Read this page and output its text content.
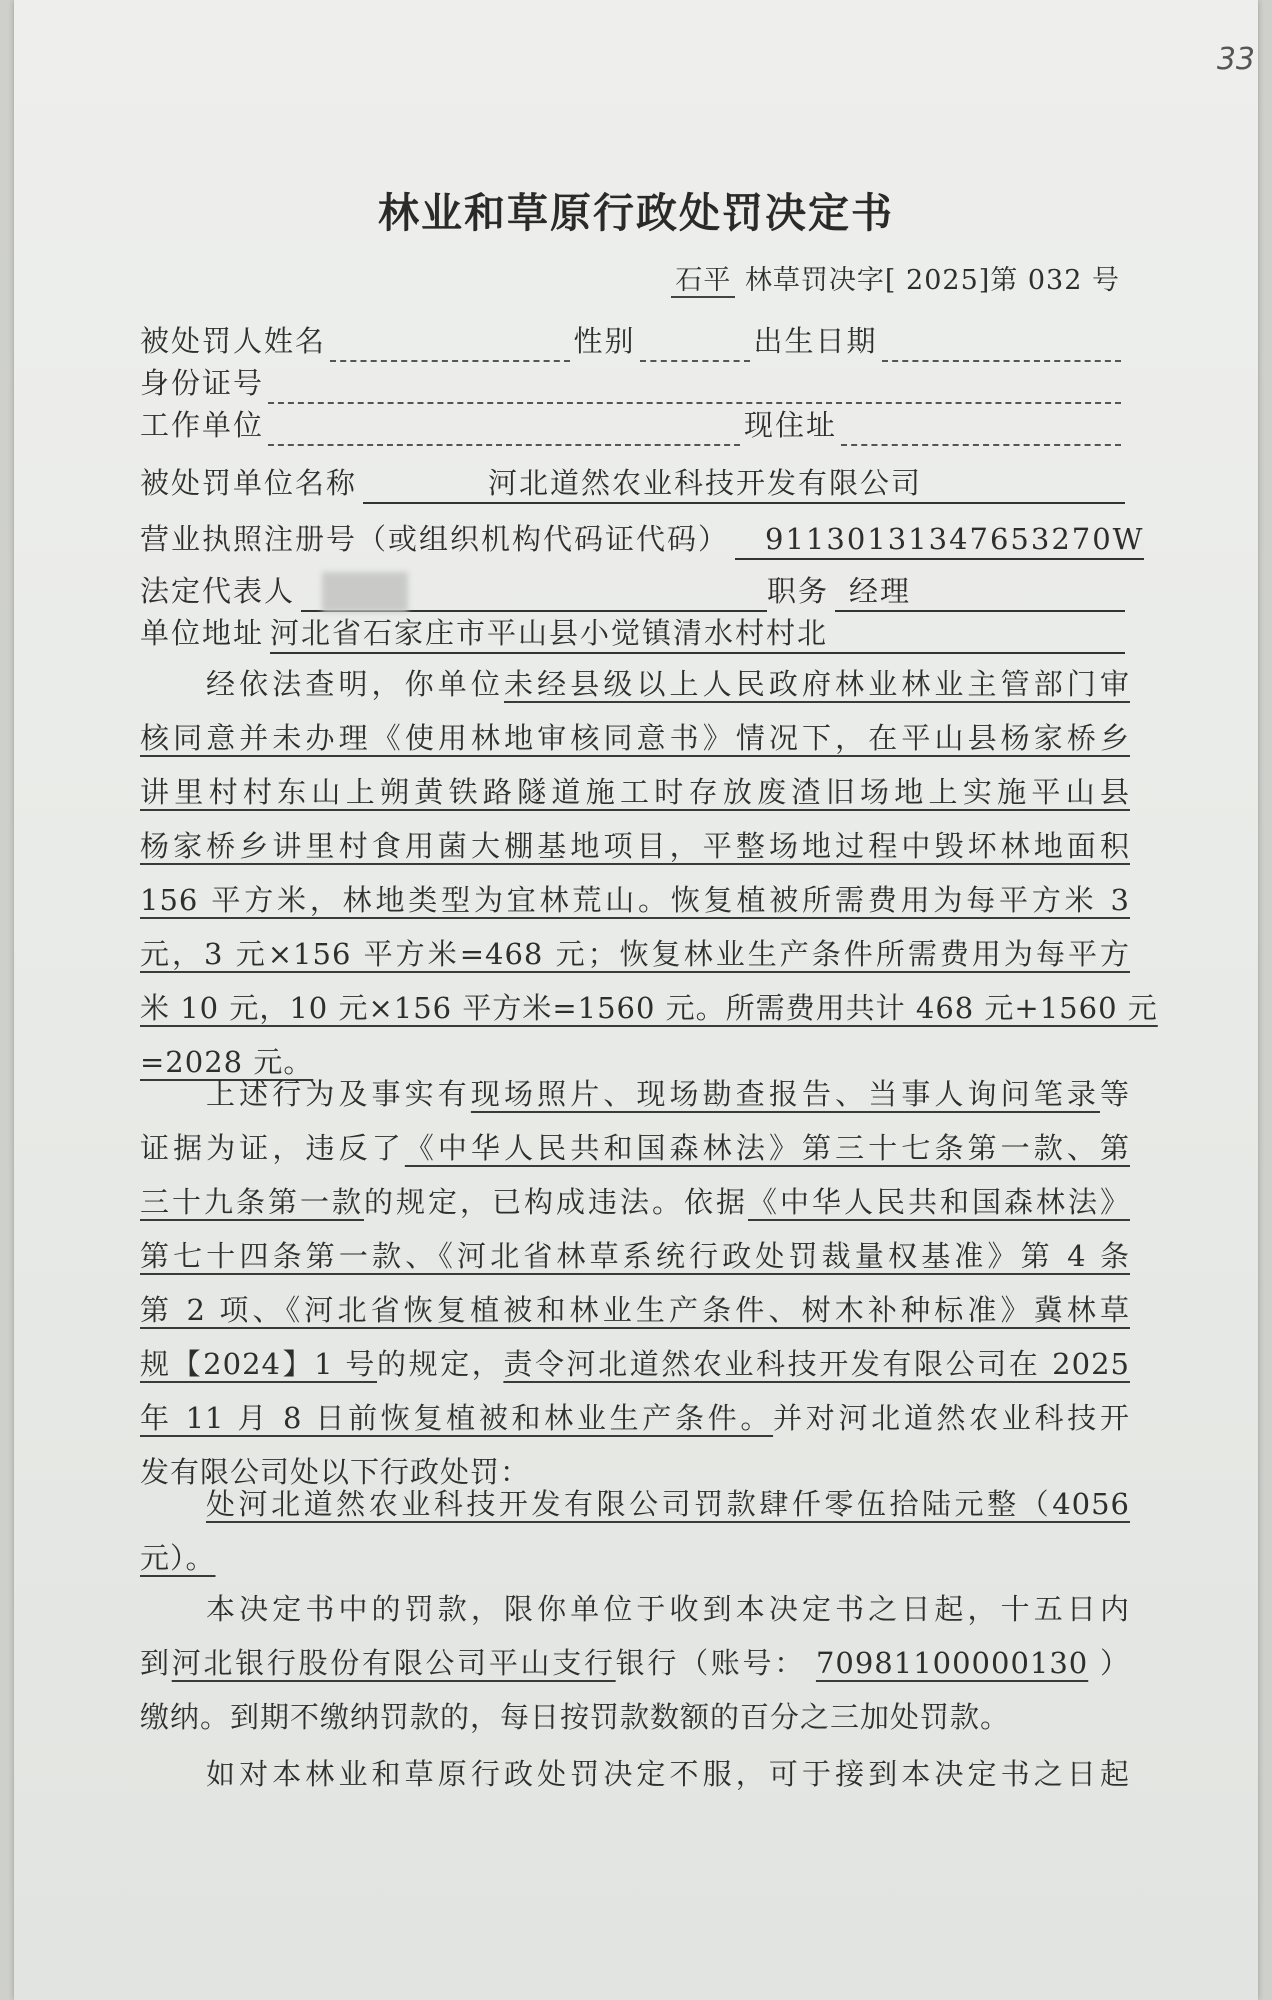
33
林业和草原行政处罚决定书
石平 林草罚决字[ 2025]第 032 号
被处罚人姓名	性别	出生日期
身份证号
工作单位	现住址
被处罚单位名称	河北道然农业科技开发有限公司
营业执照注册号（或组织机构代码证代码） 91130131347653270W
法定代表人	职务 经理
单位地址 河北省石家庄市平山县小觉镇清水村村北
经依法查明，你单位未经县级以上人民政府林业林业主管部门审
核同意并未办理《使用林地审核同意书》情况下，在平山县杨家桥乡
讲里村村东山上朔黄铁路隧道施工时存放废渣旧场地上实施平山县
杨家桥乡讲里村食用菌大棚基地项目，平整场地过程中毁坏林地面积
156 平方米，林地类型为宜林荒山。恢复植被所需费用为每平方米 3
元，3 元×156 平方米=468 元；恢复林业生产条件所需费用为每平方
米 10 元，10 元×156 平方米=1560 元。所需费用共计 468 元+1560 元
=2028 元。
上述行为及事实有现场照片、现场勘查报告、当事人询问笔录等
证据为证，违反了《中华人民共和国森林法》第三十七条第一款、第
三十九条第一款的规定，已构成违法。依据《中华人民共和国森林法》
第七十四条第一款、《河北省林草系统行政处罚裁量权基准》第 4 条
第 2 项、《河北省恢复植被和林业生产条件、树木补种标准》冀林草
规【2024】1 号的规定，责令河北道然农业科技开发有限公司在 2025
年 11 月 8 日前恢复植被和林业生产条件。并对河北道然农业科技开
发有限公司处以下行政处罚：
处河北道然农业科技开发有限公司罚款肆仟零伍拾陆元整（4056
元）。
本决定书中的罚款，限你单位于收到本决定书之日起，十五日内
到河北银行股份有限公司平山支行银行（账号： 70981100000130 ）
缴纳。到期不缴纳罚款的，每日按罚款数额的百分之三加处罚款。
如对本林业和草原行政处罚决定不服，可于接到本决定书之日起
